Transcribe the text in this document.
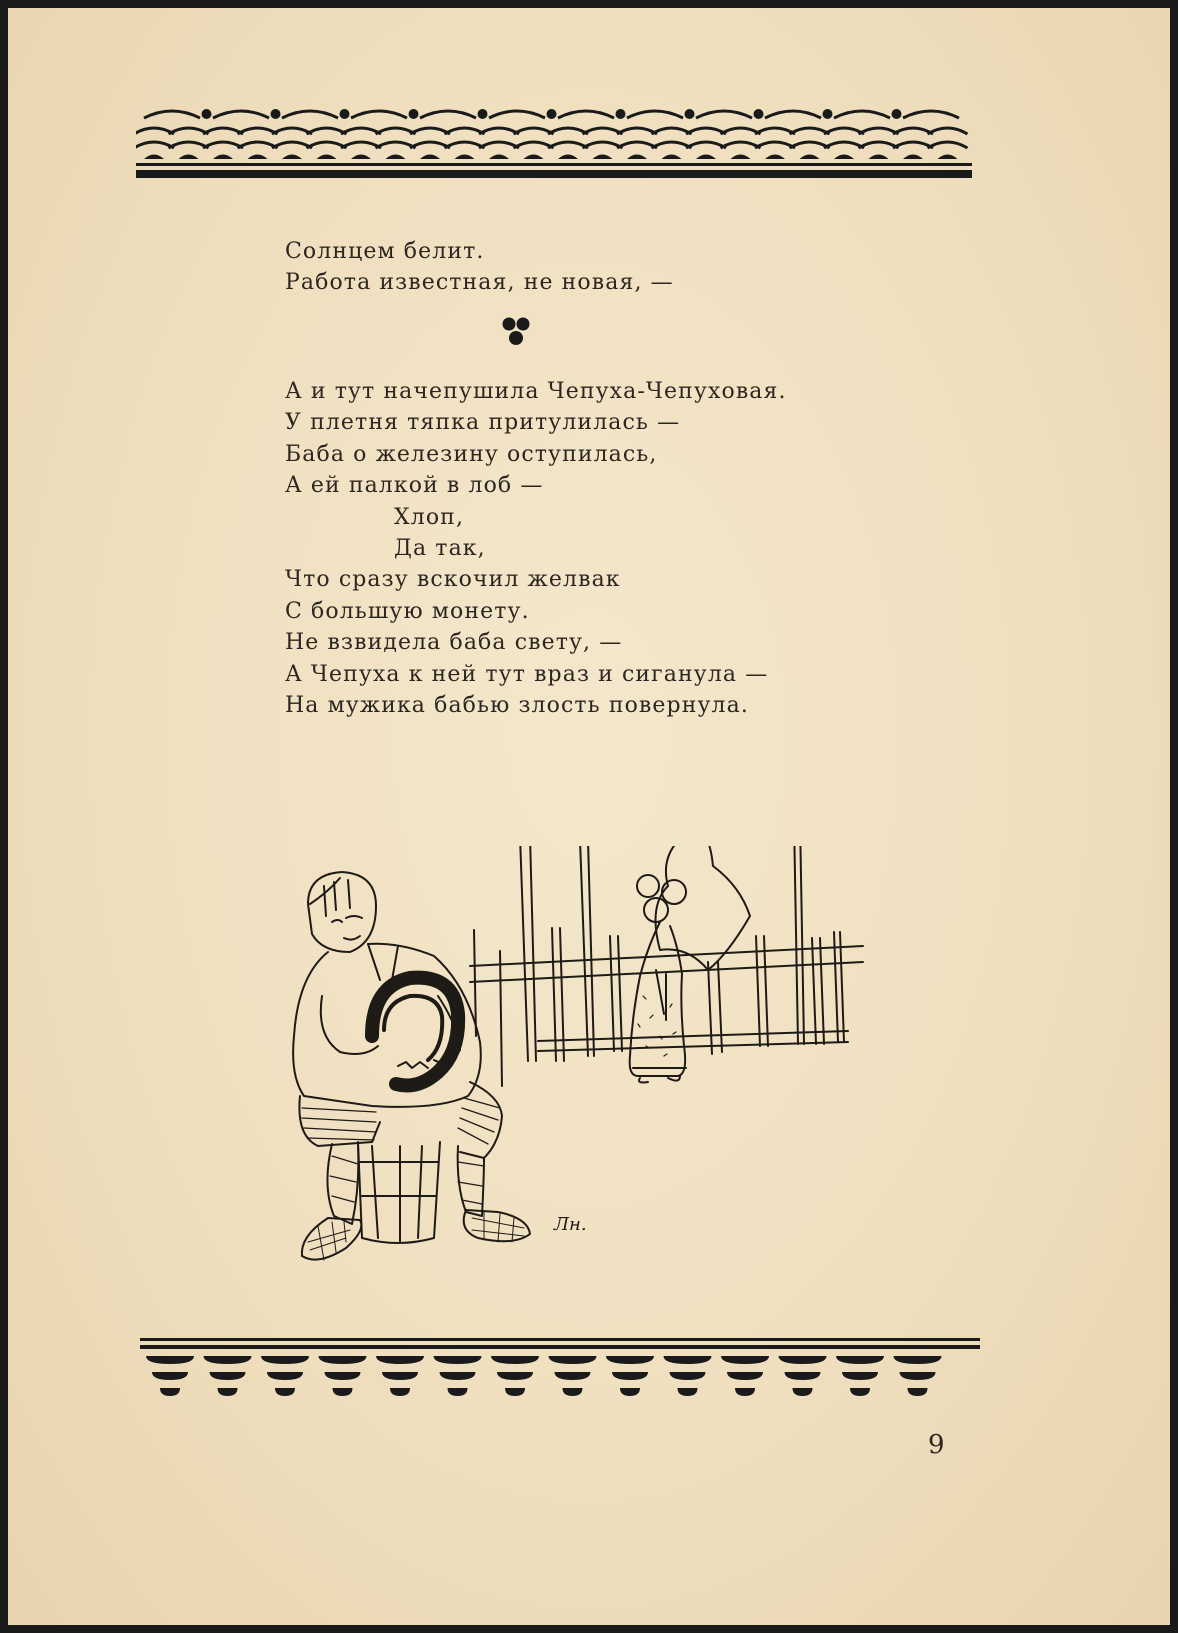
Солнцем белит.
Работа известная, не новая, —
А и тут начепушила Чепуха-Чепуховая.
У плетня тяпка притулилась —
Баба о железину оступилась,
А ей палкой в лоб —
Хлоп,
Да так,
Что сразу вскочил желвак
С большую монету.
Не взвидела баба свету, —
А Чепуха к ней тут враз и сиганула —
На мужика бабью злость повернула.
Лн.
9
